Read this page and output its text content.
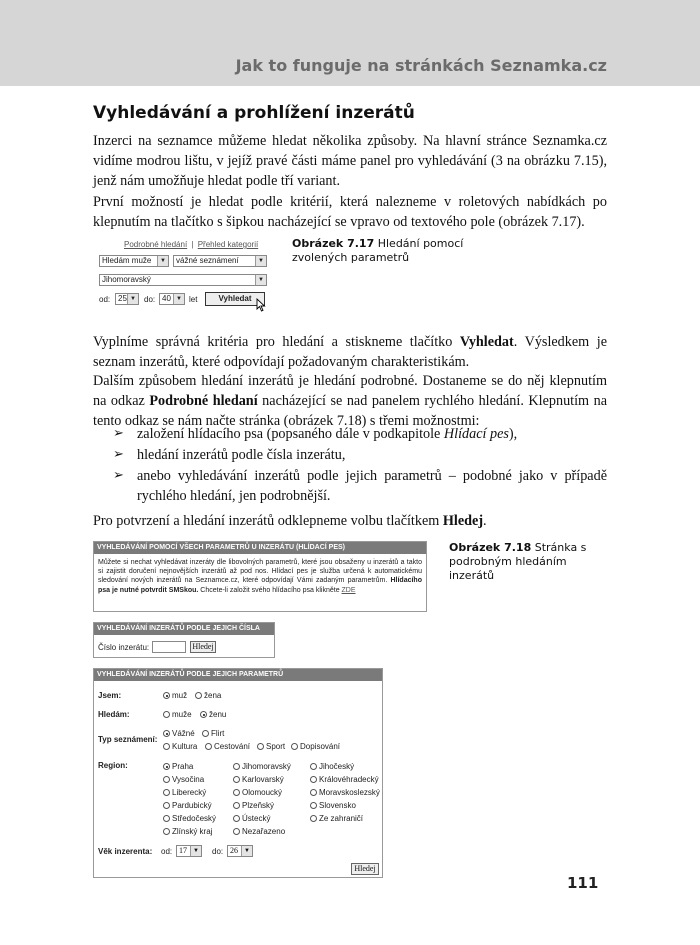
Jak to funguje na stránkách Seznamka.cz
Vyhledávání a prohlížení inzerátů
Inzerci na seznamce můžeme hledat několika způsoby. Na hlavní stránce Seznamka.cz vidíme modrou lištu, v jejíž pravé části máme panel pro vyhledávání (3 na obrázku 7.15), jenž nám umožňuje hledat podle tří variant.
První možností je hledat podle kritérií, která nalezneme v roletových nabídkách po klepnutím na tlačítko s šipkou nacházející se vpravo od textového pole (obrázek 7.17).
Podrobné hledání | Přehled kategorií
Hledám muže	▼	vážné seznámení	▼
Jihomoravský	▼
od: 25 ▼ do: 40 ▼ let	Vyhledat
Obrázek 7.17 Hledání pomocí zvolených parametrů
Vyplníme správná kritéria pro hledání a stiskneme tlačítko Vyhledat. Výsledkem je seznam inzerátů, které odpovídají požadovaným charakteristikám.
Dalším způsobem hledání inzerátů je hledání podrobné. Dostaneme se do něj klepnutím na odkaz Podrobné hledaní nacházející se nad panelem rychlého hledání. Klepnutím na tento odkaz se nám načte stránka (obrázek 7.18) s třemi možnostmi:
➢ založení hlídacího psa (popsaného dále v podkapitole Hlídací pes),
➢ hledání inzerátů podle čísla inzerátu,
➢ anebo vyhledávání inzerátů podle jejich parametrů – podobné jako v případě rychlého hledání, jen podrobnější.
Pro potvrzení a hledání inzerátů odklepneme volbu tlačítkem Hledej.
Obrázek 7.18 Stránka s podrobným hledáním inzerátů
VYHLEDÁVÁNÍ POMOCÍ VŠECH PARAMETRŮ U INZERÁTU (HLÍDACÍ PES)
Můžete si nechat vyhledávat inzeráty dle libovolných parametrů, které jsou obsaženy u inzerátů a takto si zajistit doručení nejnovějších inzerátů až pod nos. Hlídací pes je služba určená k automatickému sledování nových inzerátů na Seznamce.cz, které odpovídají Vámi zadaným parametrům. Hlídacího psa je nutné potvrdit SMSkou. Chcete-li založit svého hlídacího psa klikněte ZDE
VYHLEDÁVÁNÍ INZERÁTŮ PODLE JEJICH ČÍSLA
Číslo inzerátu:	Hledej
VYHLEDÁVÁNÍ INZERÁTŮ PODLE JEJICH PARAMETRŮ
Jsem:	muž	žena
Hledám:	muže	ženu
Typ seznámení:
Vážné	Flirt
Kultura	Cestování	Sport	Dopisování
Region:	Praha	Jihomoravský	Jihočeský
Vysočina	Karlovarský	Královéhradecký
Liberecký	Olomoucký	Moravskoslezský
Pardubický	Plzeňský	Slovensko
Středočeský	Ústecký	Ze zahraničí
Zlínský kraj	Nezařazeno
Věk inzerenta: od: 17	▼ do: 26	▼
Hledej
111
